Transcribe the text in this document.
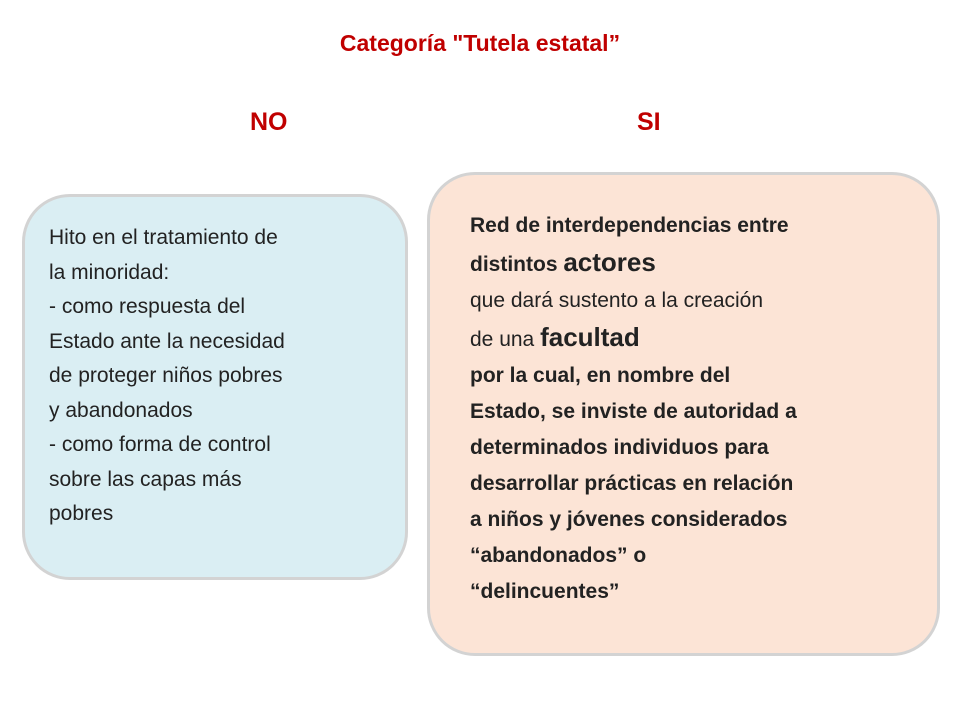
Categoría "Tutela estatal”
NO	SI
Hito en el tratamiento de
la minoridad:
- como respuesta del
Estado ante la necesidad
de proteger niños pobres
y abandonados
- como forma de control
sobre las capas más
pobres
Red de interdependencias entre
distintos actores
que dará sustento a la creación
de una facultad
por la cual, en nombre del
Estado, se inviste de autoridad a
determinados individuos para
desarrollar prácticas en relación
a niños y jóvenes considerados
“abandonados” o
“delincuentes”
